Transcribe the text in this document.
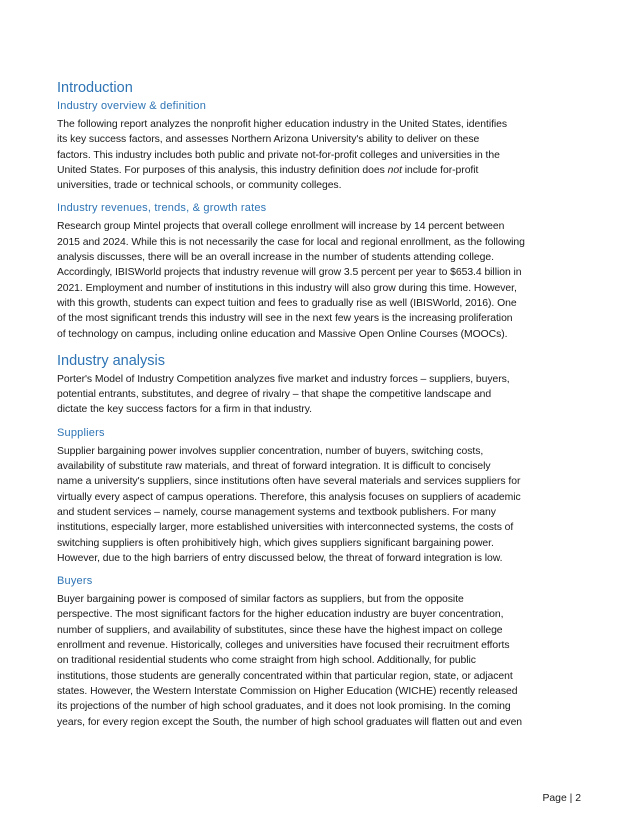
Introduction
Industry overview & definition
The following report analyzes the nonprofit higher education industry in the United States, identifies
its key success factors, and assesses Northern Arizona University's ability to deliver on these
factors. This industry includes both public and private not-for-profit colleges and universities in the
United States. For purposes of this analysis, this industry definition does not include for-profit
universities, trade or technical schools, or community colleges.
Industry revenues, trends, & growth rates
Research group Mintel projects that overall college enrollment will increase by 14 percent between
2015 and 2024. While this is not necessarily the case for local and regional enrollment, as the following
analysis discusses, there will be an overall increase in the number of students attending college.
Accordingly, IBISWorld projects that industry revenue will grow 3.5 percent per year to $653.4 billion in
2021. Employment and number of institutions in this industry will also grow during this time. However,
with this growth, students can expect tuition and fees to gradually rise as well (IBISWorld, 2016). One
of the most significant trends this industry will see in the next few years is the increasing proliferation
of technology on campus, including online education and Massive Open Online Courses (MOOCs).
Industry analysis
Porter's Model of Industry Competition analyzes five market and industry forces – suppliers, buyers,
potential entrants, substitutes, and degree of rivalry – that shape the competitive landscape and
dictate the key success factors for a firm in that industry.
Suppliers
Supplier bargaining power involves supplier concentration, number of buyers, switching costs,
availability of substitute raw materials, and threat of forward integration. It is difficult to concisely
name a university's suppliers, since institutions often have several materials and services suppliers for
virtually every aspect of campus operations. Therefore, this analysis focuses on suppliers of academic
and student services – namely, course management systems and textbook publishers. For many
institutions, especially larger, more established universities with interconnected systems, the costs of
switching suppliers is often prohibitively high, which gives suppliers significant bargaining power.
However, due to the high barriers of entry discussed below, the threat of forward integration is low.
Buyers
Buyer bargaining power is composed of similar factors as suppliers, but from the opposite
perspective. The most significant factors for the higher education industry are buyer concentration,
number of suppliers, and availability of substitutes, since these have the highest impact on college
enrollment and revenue. Historically, colleges and universities have focused their recruitment efforts
on traditional residential students who come straight from high school. Additionally, for public
institutions, those students are generally concentrated within that particular region, state, or adjacent
states. However, the Western Interstate Commission on Higher Education (WICHE) recently released
its projections of the number of high school graduates, and it does not look promising. In the coming
years, for every region except the South, the number of high school graduates will flatten out and even
Page | 2
